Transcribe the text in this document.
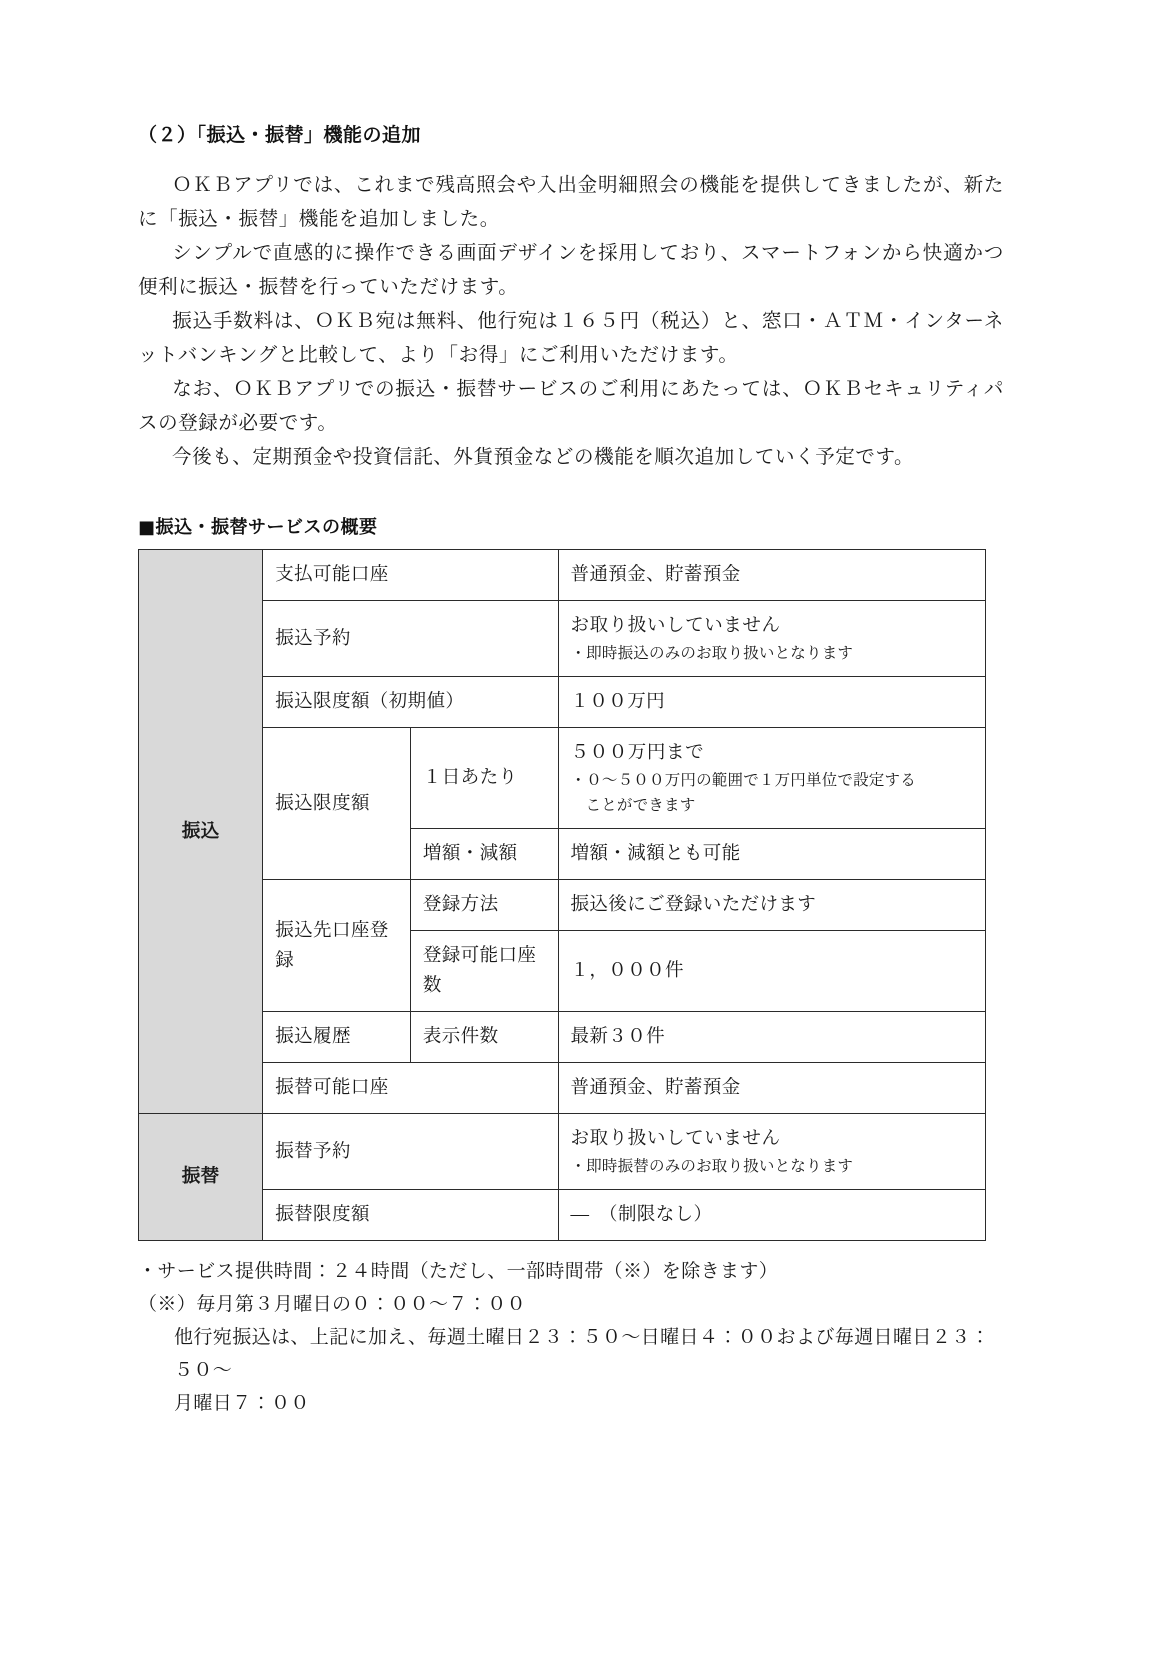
（２）「振込・振替」機能の追加

ＯＫＢアプリでは、これまで残高照会や入出金明細照会の機能を提供してきましたが、新たに「振込・振替」機能を追加しました。

シンプルで直感的に操作できる画面デザインを採用しており、スマートフォンから快適かつ便利に振込・振替を行っていただけます。

振込手数料は、ＯＫＢ宛は無料、他行宛は１６５円（税込）と、窓口・ＡＴＭ・インターネットバンキングと比較して、より「お得」にご利用いただけます。

なお、ＯＫＢアプリでの振込・振替サービスのご利用にあたっては、ＯＫＢセキュリティパスの登録が必要です。

今後も、定期預金や投資信託、外貨預金などの機能を順次追加していく予定です。

■振込・振替サービスの概要
振込	支払可能口座		普通預金、貯蓄預金
	振込予約		お取り扱いしていません
・即時振込のみのお取り扱いとなります

	振込限度額（初期値）		１００万円
	振込限度額	１日あたり	５００万円まで
・０～５００万円の範囲で１万円単位で設定する
ことができます

		増額・減額	増額・減額とも可能
	振込先口座登録	登録方法	振込後にご登録いただけます
		登録可能口座数	１，０００件
	振込履歴	表示件数	最新３０件
	振替可能口座		普通預金、貯蓄預金
振替	振替予約		お取り扱いしていません
・即時振替のみのお取り扱いとなります

	振替限度額		―　（制限なし）
・サービス提供時間：２４時間（ただし、一部時間帯（※）を除きます）
（※）毎月第３月曜日の０：００～７：００
他行宛振込は、上記に加え、毎週土曜日２３：５０～日曜日４：００および毎週日曜日２３：５０～
月曜日７：００
